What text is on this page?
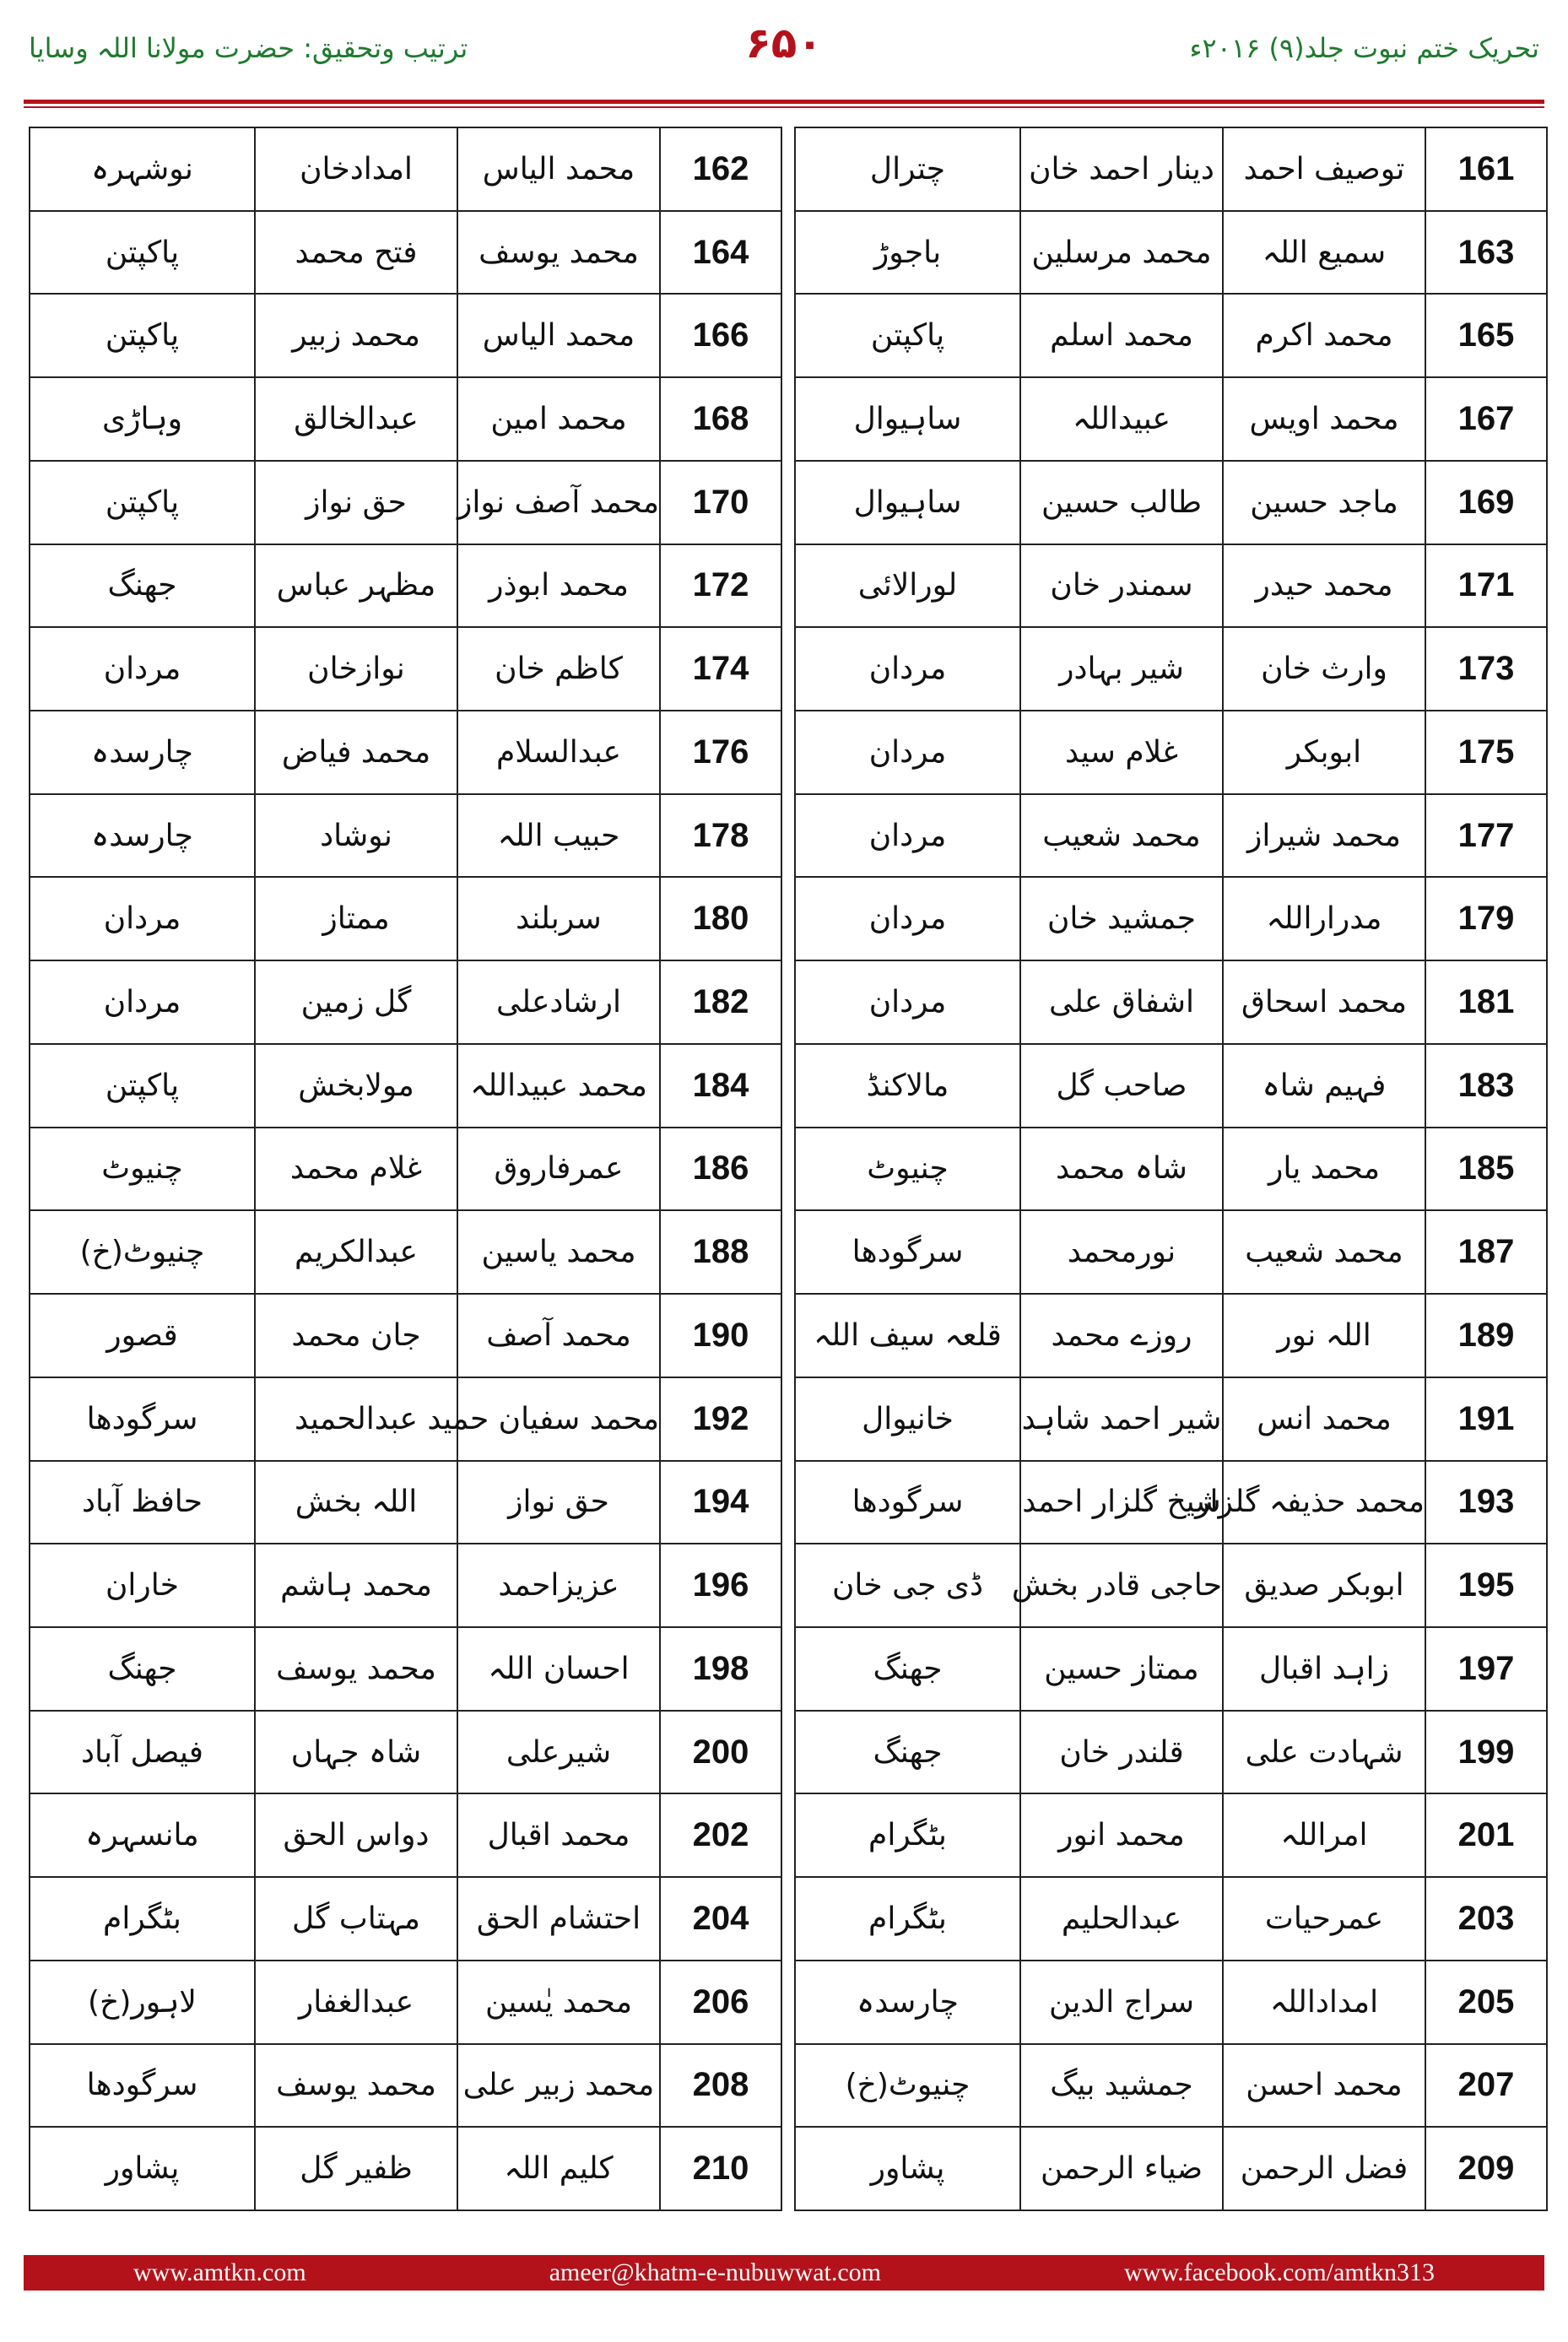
تحریک ختم نبوت جلد(۹) ۲۰۱۶ء
۶۵۰
ترتیب وتحقیق: حضرت مولانا اللہ وسایا
161	توصیف احمد	دینار احمد خان	چترال
163	سمیع اللہ	محمد مرسلین	باجوڑ
165	محمد اکرم	محمد اسلم	پاکپتن
167	محمد اویس	عبیداللہ	ساہیوال
169	ماجد حسین	طالب حسین	ساہیوال
171	محمد حیدر	سمندر خان	لورالائی
173	وارث خان	شیر بہادر	مردان
175	ابوبکر	غلام سید	مردان
177	محمد شیراز	محمد شعیب	مردان
179	مدراراللہ	جمشید خان	مردان
181	محمد اسحاق	اشفاق علی	مردان
183	فہیم شاہ	صاحب گل	مالاکنڈ
185	محمد یار	شاہ محمد	چنیوٹ
187	محمد شعیب	نورمحمد	سرگودھا
189	اللہ نور	روزے محمد	قلعہ سیف اللہ
191	محمد انس	شیر احمد شاہد	خانیوال
193	محمد حذیفہ گلزار	شیخ گلزار احمد	سرگودھا
195	ابوبکر صدیق	حاجی قادر بخش	ڈی جی خان
197	زاہد اقبال	ممتاز حسین	جھنگ
199	شہادت علی	قلندر خان	جھنگ
201	امراللہ	محمد انور	بٹگرام
203	عمرحیات	عبدالحلیم	بٹگرام
205	امداداللہ	سراج الدین	چارسدہ
207	محمد احسن	جمشید بیگ	چنیوٹ(خ)
209	فضل الرحمن	ضیاء الرحمن	پشاور
162	محمد الیاس	امدادخان	نوشہرہ
164	محمد یوسف	فتح محمد	پاکپتن
166	محمد الیاس	محمد زبیر	پاکپتن
168	محمد امین	عبدالخالق	وہاڑی
170	محمد آصف نواز	حق نواز	پاکپتن
172	محمد ابوذر	مظہر عباس	جھنگ
174	کاظم خان	نوازخان	مردان
176	عبدالسلام	محمد فیاض	چارسدہ
178	حبیب اللہ	نوشاد	چارسدہ
180	سربلند	ممتاز	مردان
182	ارشادعلی	گل زمین	مردان
184	محمد عبیداللہ	مولابخش	پاکپتن
186	عمرفاروق	غلام محمد	چنیوٹ
188	محمد یاسین	عبدالکریم	چنیوٹ(خ)
190	محمد آصف	جان محمد	قصور
192	محمد سفیان حمید	عبدالحمید	سرگودھا
194	حق نواز	اللہ بخش	حافظ آباد
196	عزیزاحمد	محمد ہاشم	خاران
198	احسان اللہ	محمد یوسف	جھنگ
200	شیرعلی	شاہ جہاں	فیصل آباد
202	محمد اقبال	دواس الحق	مانسہرہ
204	احتشام الحق	مہتاب گل	بٹگرام
206	محمد یٰسین	عبدالغفار	لاہور(خ)
208	محمد زبیر علی	محمد یوسف	سرگودھا
210	کلیم اللہ	ظفیر گل	پشاور
www.amtkn.com	ameer@khatm-e-nubuwwat.com	www.facebook.com/amtkn313
